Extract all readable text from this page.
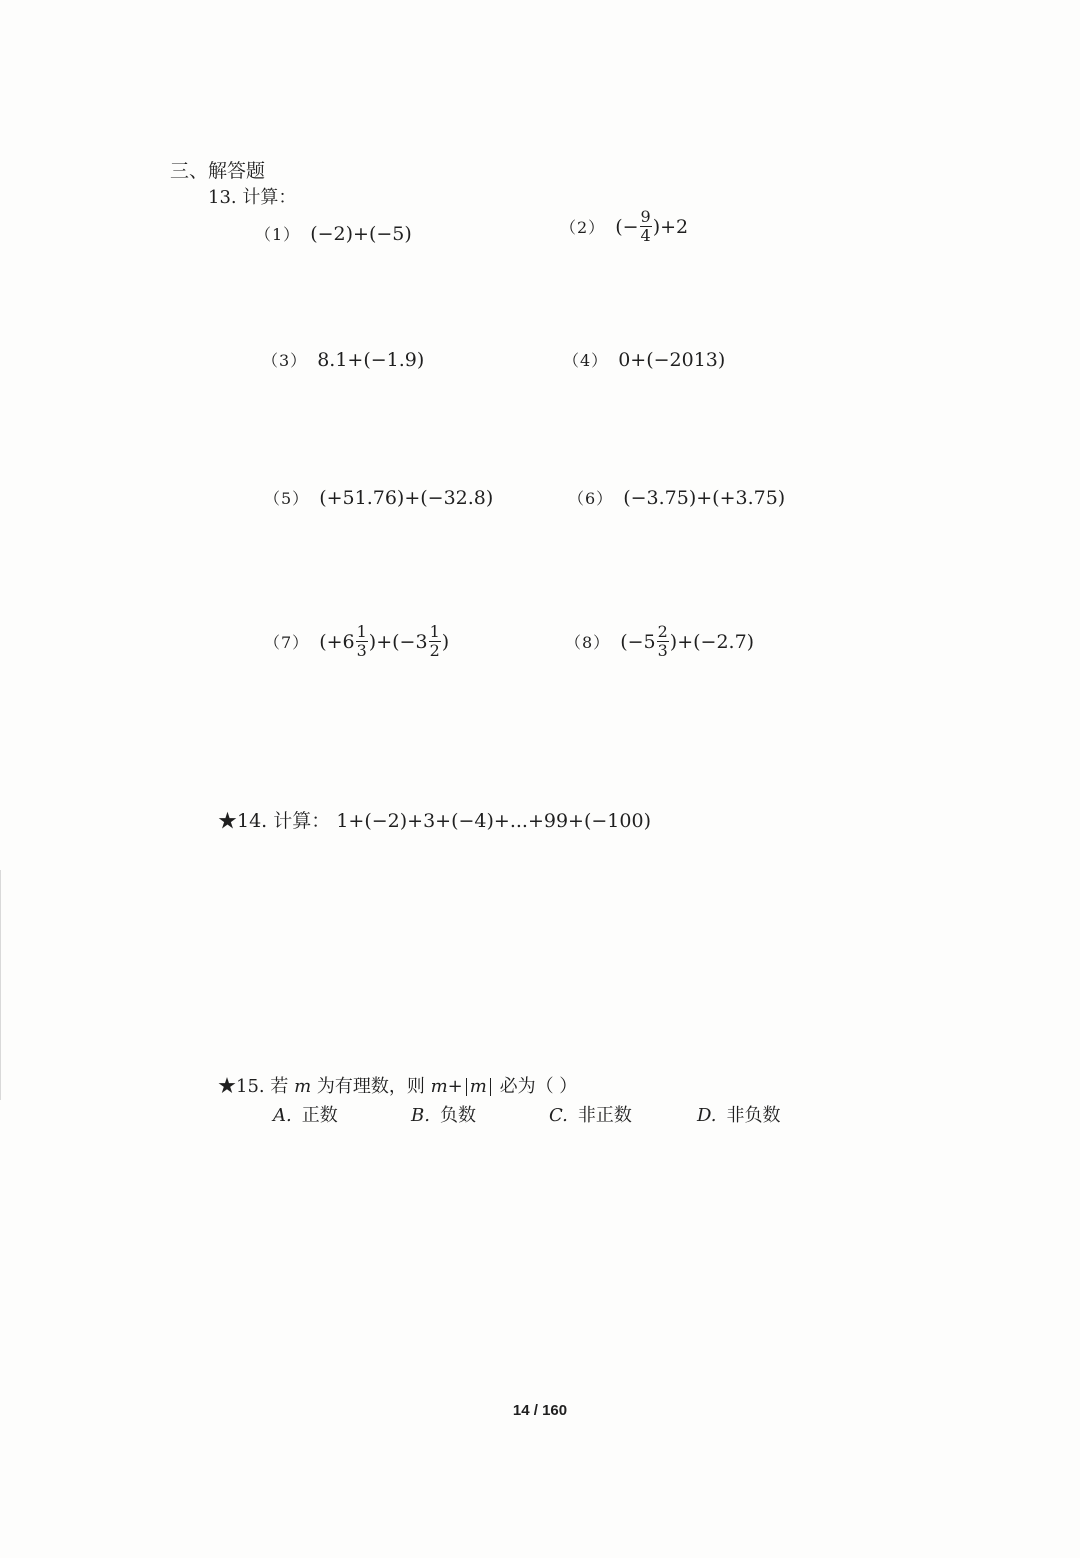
三、解答题
13. 计算：
（1） (−2)+(−5)	（2） (− $\frac{9}{4} )+2$
（3） 8.1+(−1.9)	（4） 0+(−2013)
（5） (+51.76)+(−32.8)	（6） (−3.75)+(+3.75)
（7） $(+6 \frac{1}{3} )+(-3 \frac{1}{2}$ )	（8） $(-5 \frac{2}{3} )+(-2.7)$
★14. 计算： 1+(−2)+3+(−4)+...+99+(−100)
★15. 若 m 为有理数，则 m+ m 必为（ ）
A. 正数	B. 负数	C. 非正数	D. 非负数
14 / 160
